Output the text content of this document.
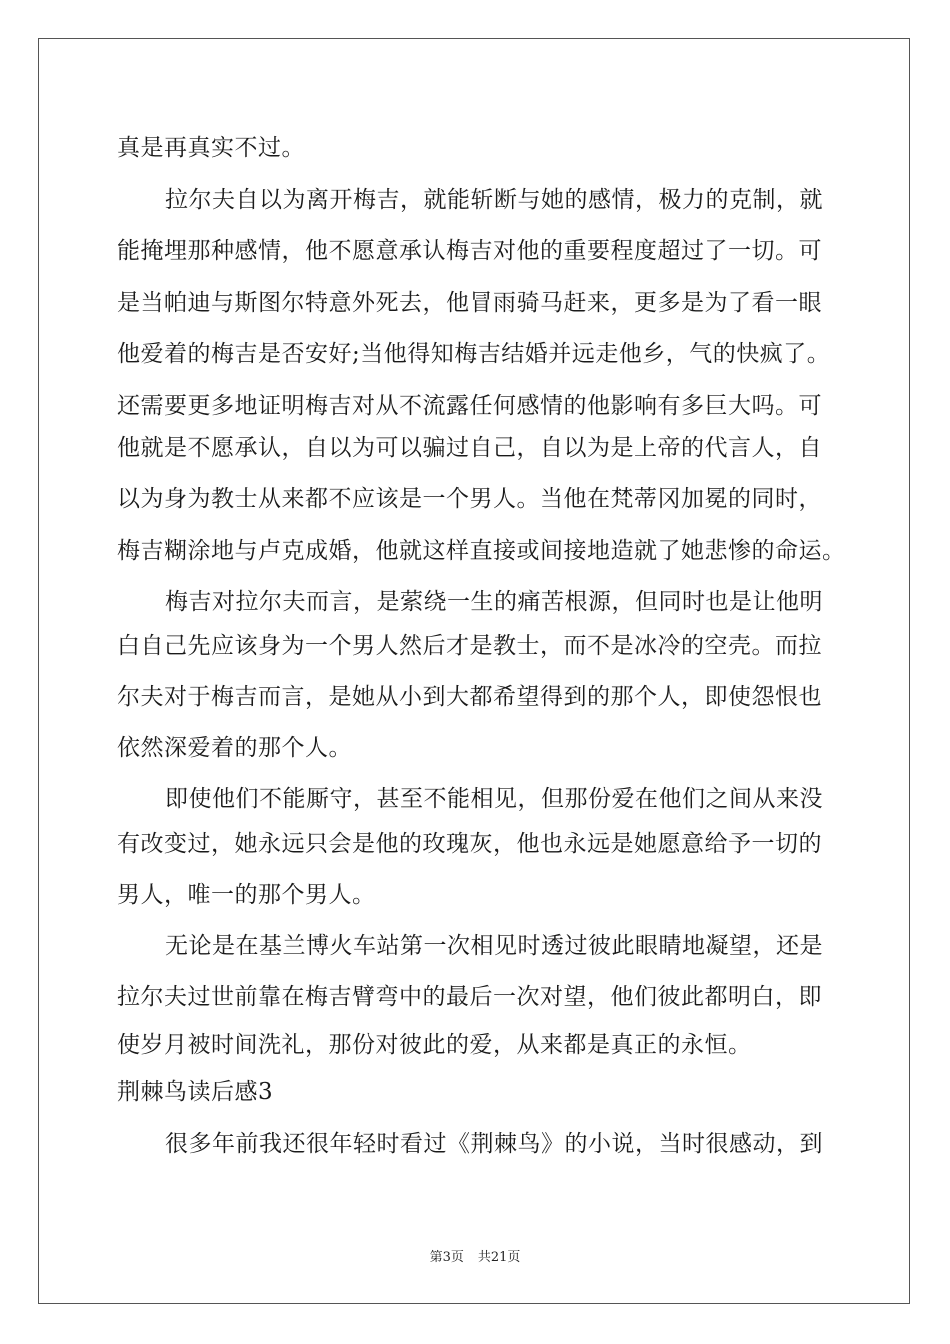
真是再真实不过。
拉尔夫自以为离开梅吉，就能斩断与她的感情，极力的克制，就
能掩埋那种感情，他不愿意承认梅吉对他的重要程度超过了一切。可
是当帕迪与斯图尔特意外死去，他冒雨骑马赶来，更多是为了看一眼
他爱着的梅吉是否安好;当他得知梅吉结婚并远走他乡，气的快疯了。
还需要更多地证明梅吉对从不流露任何感情的他影响有多巨大吗。可
他就是不愿承认，自以为可以骗过自己，自以为是上帝的代言人，自
以为身为教士从来都不应该是一个男人。当他在梵蒂冈加冕的同时，
梅吉糊涂地与卢克成婚，他就这样直接或间接地造就了她悲惨的命运。
梅吉对拉尔夫而言，是萦绕一生的痛苦根源，但同时也是让他明
白自己先应该身为一个男人然后才是教士，而不是冰冷的空壳。而拉
尔夫对于梅吉而言，是她从小到大都希望得到的那个人，即使怨恨也
依然深爱着的那个人。
即使他们不能厮守，甚至不能相见，但那份爱在他们之间从来没
有改变过，她永远只会是他的玫瑰灰，他也永远是她愿意给予一切的
男人，唯一的那个男人。
无论是在基兰博火车站第一次相见时透过彼此眼睛地凝望，还是
拉尔夫过世前靠在梅吉臂弯中的最后一次对望，他们彼此都明白，即
使岁月被时间洗礼，那份对彼此的爱，从来都是真正的永恒。
荆棘鸟读后感3
很多年前我还很年轻时看过《荆棘鸟》的小说，当时很感动，到
第3页 共21页
